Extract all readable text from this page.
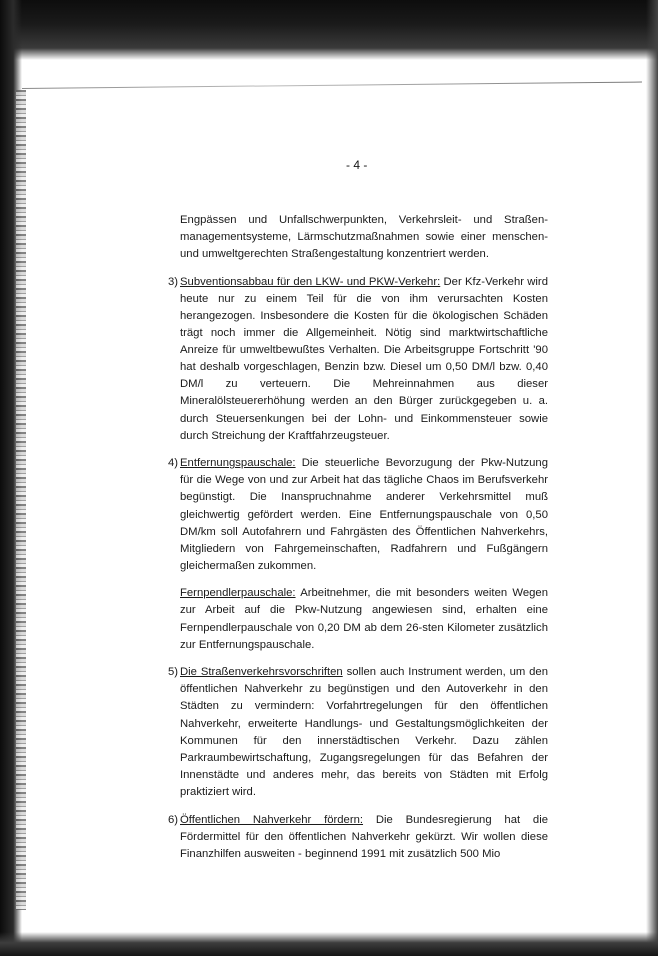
- 4 -

Engpässen und Unfallschwerpunkten, Verkehrsleit- und Straßen-managementsysteme, Lärmschutzmaßnahmen sowie einer menschen-und umweltgerechten Straßengestaltung konzentriert werden.

3) Subventionsabbau für den LKW- und PKW-Verkehr: Der Kfz-Verkehr wird heute nur zu einem Teil für die von ihm verursachten Kosten herangezogen. Insbesondere die Kosten für die ökologischen Schäden trägt noch immer die Allgemeinheit. Nötig sind marktwirtschaftliche Anreize für umweltbewußtes Verhalten. Die Arbeitsgruppe Fortschritt '90 hat deshalb vorgeschlagen, Benzin bzw. Diesel um 0,50 DM/l bzw. 0,40 DM/l zu verteuern. Die Mehreinnahmen aus dieser Mineralölsteuererhöhung werden an den Bürger zurückgegeben u. a. durch Steuersenkungen bei der Lohn- und Einkommensteuer sowie durch Streichung der Kraftfahrzeugsteuer.

4) Entfernungspauschale: Die steuerliche Bevorzugung der Pkw-Nutzung für die Wege von und zur Arbeit hat das tägliche Chaos im Berufsverkehr begünstigt. Die Inanspruchnahme anderer Verkehrsmittel muß gleichwertig gefördert werden. Eine Entfernungspauschale von 0,50 DM/km soll Autofahrern und Fahrgästen des Öffentlichen Nahverkehrs, Mitgliedern von Fahrgemeinschaften, Radfahrern und Fußgängern gleichermaßen zukommen.

Fernpendlerpauschale: Arbeitnehmer, die mit besonders weiten Wegen zur Arbeit auf die Pkw-Nutzung angewiesen sind, erhalten eine Fernpendlerpauschale von 0,20 DM ab dem 26-sten Kilometer zusätzlich zur Entfernungspauschale.

5) Die Straßenverkehrsvorschriften sollen auch Instrument werden, um den öffentlichen Nahverkehr zu begünstigen und den Autoverkehr in den Städten zu vermindern: Vorfahrtregelungen für den öffentlichen Nahverkehr, erweiterte Handlungs- und Gestaltungsmöglichkeiten der Kommunen für den innerstädtischen Verkehr. Dazu zählen Parkraumbewirtschaftung, Zugangsregelungen für das Befahren der Innenstädte und anderes mehr, das bereits von Städten mit Erfolg praktiziert wird.

6) Öffentlichen Nahverkehr fördern: Die Bundesregierung hat die Fördermittel für den öffentlichen Nahverkehr gekürzt. Wir wollen diese Finanzhilfen ausweiten - beginnend 1991 mit zusätzlich 500 Mio
